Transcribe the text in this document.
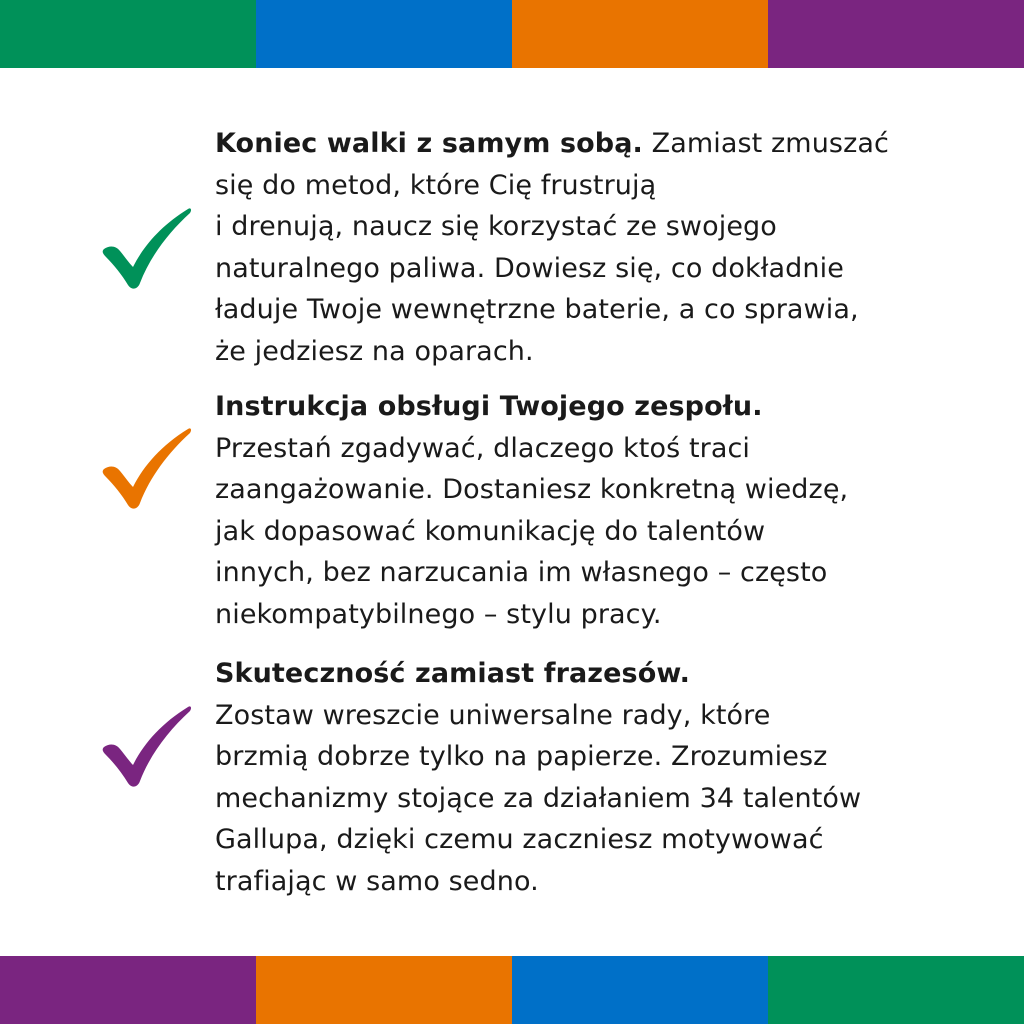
Koniec walki z samym sobą. Zamiast zmuszać
się do metod, które Cię frustrują
i drenują, naucz się korzystać ze swojego
naturalnego paliwa. Dowiesz się, co dokładnie
ładuje Twoje wewnętrzne baterie, a co sprawia,
że jedziesz na oparach.
Instrukcja obsługi Twojego zespołu.
Przestań zgadywać, dlaczego ktoś traci
zaangażowanie. Dostaniesz konkretną wiedzę,
jak dopasować komunikację do talentów
innych, bez narzucania im własnego – często
niekompatybilnego – stylu pracy.
Skuteczność zamiast frazesów.
Zostaw wreszcie uniwersalne rady, które
brzmią dobrze tylko na papierze. Zrozumiesz
mechanizmy stojące za działaniem 34 talentów
Gallupa, dzięki czemu zaczniesz motywować
trafiając w samo sedno.
